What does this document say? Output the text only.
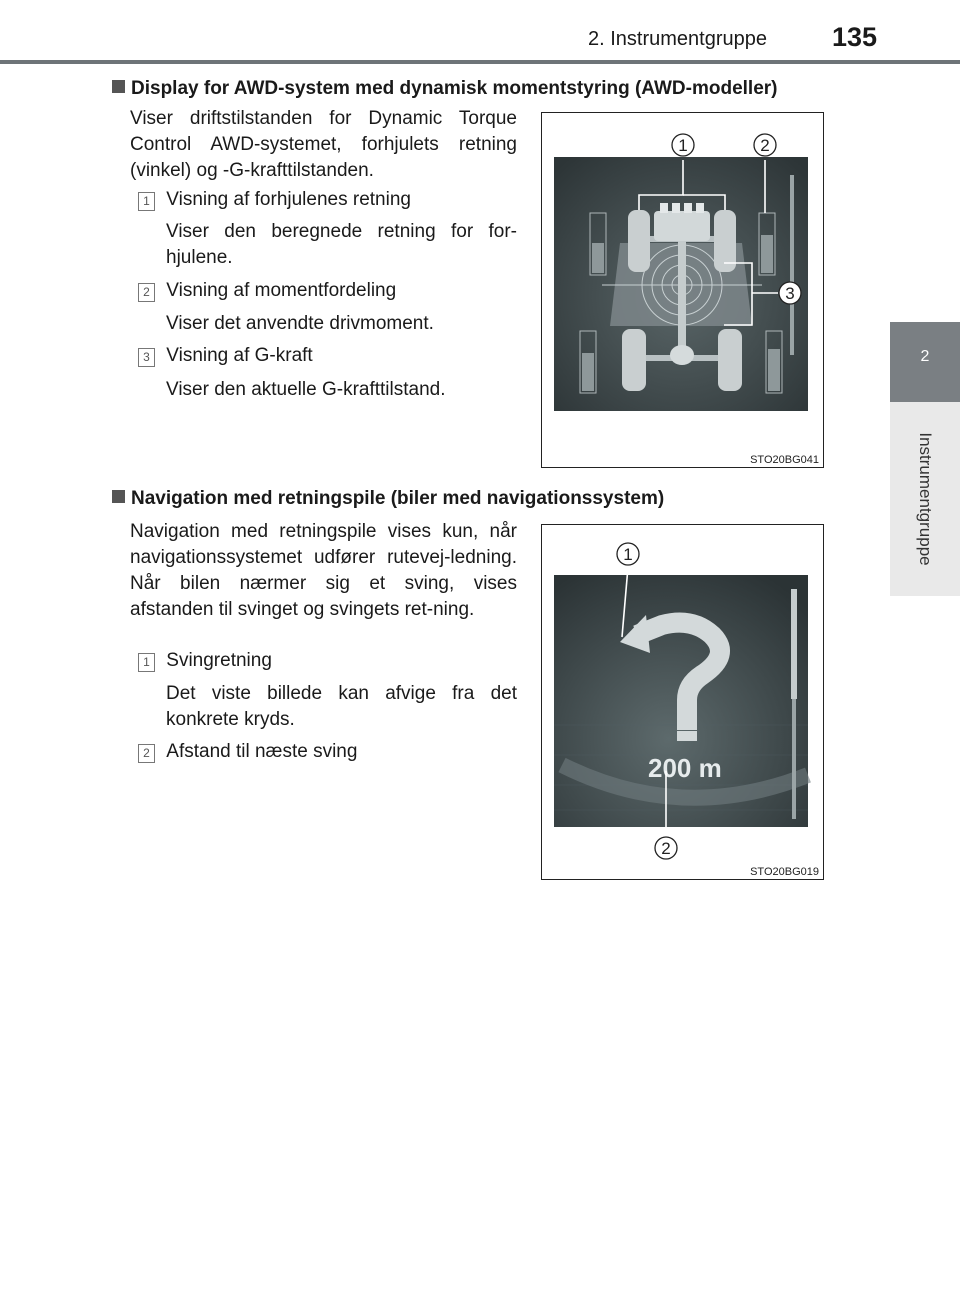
2. Instrumentgruppe 135
2
Instrumentgruppe
Display for AWD-system med dynamisk momentstyring (AWD-modeller)
Viser driftstilstanden for Dynamic Torque Control AWD-systemet, forhjulets retning (vinkel) og -G-krafttilstanden.
1 Visning af forhjulenes retning
Viser den beregnede retning for for-hjulene.
2 Visning af momentfordeling
Viser det anvendte drivmoment.
3 Visning af G-kraft
Viser den aktuelle G-krafttilstand.
1	2
3
STO20BG041
Navigation med retningspile (biler med navigationssystem)
Navigation med retningspile vises kun, når navigationssystemet udfører rutevej-ledning. Når bilen nærmer sig et sving, vises afstanden til svinget og svingets ret-ning.
1 Svingretning
Det viste billede kan afvige fra det konkrete kryds.
2 Afstand til næste sving
200 m
1
2
STO20BG019
